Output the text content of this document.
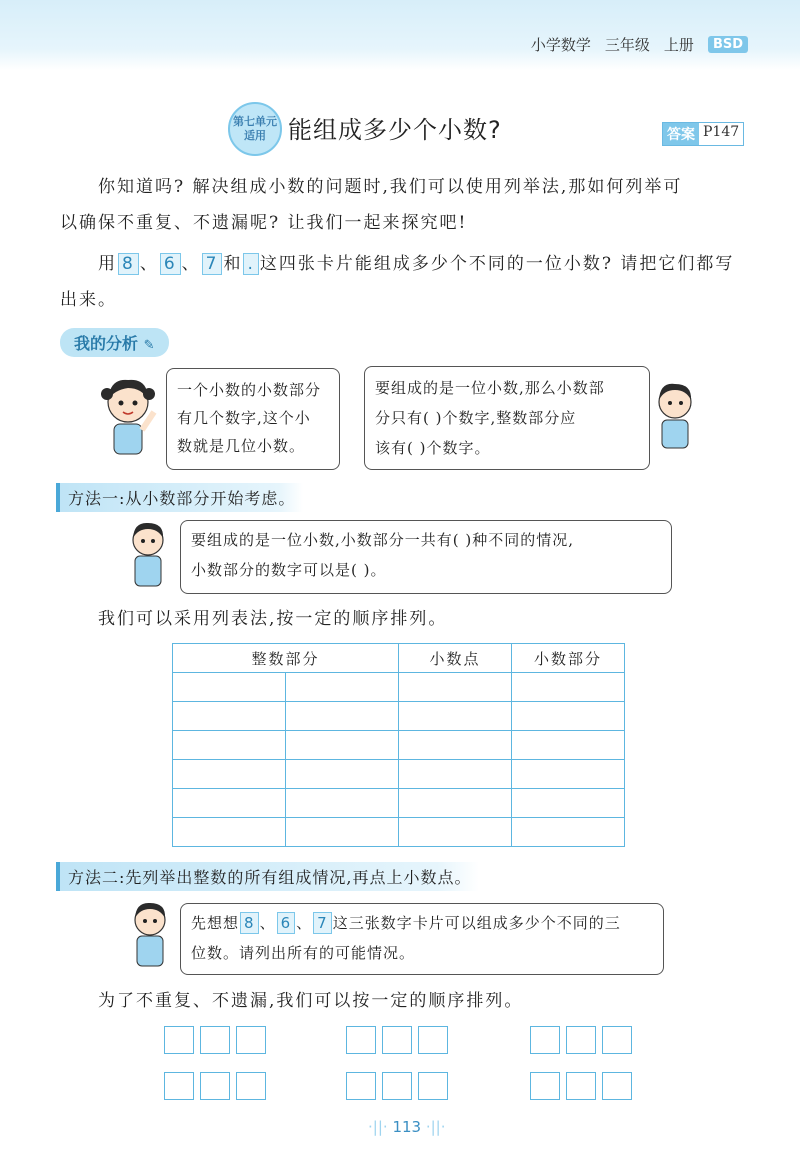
小学数学 三年级 上册	BSD
第七单元
适用 能组成多少个小数?	答案 P147
你知道吗? 解决组成小数的问题时,我们可以使用列举法,那如何列举可
以确保不重复、不遗漏呢? 让我们一起来探究吧!
用 8 、 6 、 7 和 . 这四张卡片能组成多少个不同的一位小数? 请把它们都写
出来。
我的分析 ✎
一个小数的小数部分
有几个数字,这个小
数就是几位小数。
要组成的是一位小数,那么小数部
分只有( )个数字,整数部分应
该有( )个数字。
方法一:从小数部分开始考虑。
要组成的是一位小数,小数部分一共有( )种不同的情况,
小数部分的数字可以是( )。
我们可以采用列表法,按一定的顺序排列。
整数部分		小数点	小数部分

方法二:先列举出整数的所有组成情况,再点上小数点。
先想想 8 、 6 、 7 这三张数字卡片可以组成多少个不同的三
位数。请列出所有的可能情况。
为了不重复、不遗漏,我们可以按一定的顺序排列。
·||· 113 ·||·
